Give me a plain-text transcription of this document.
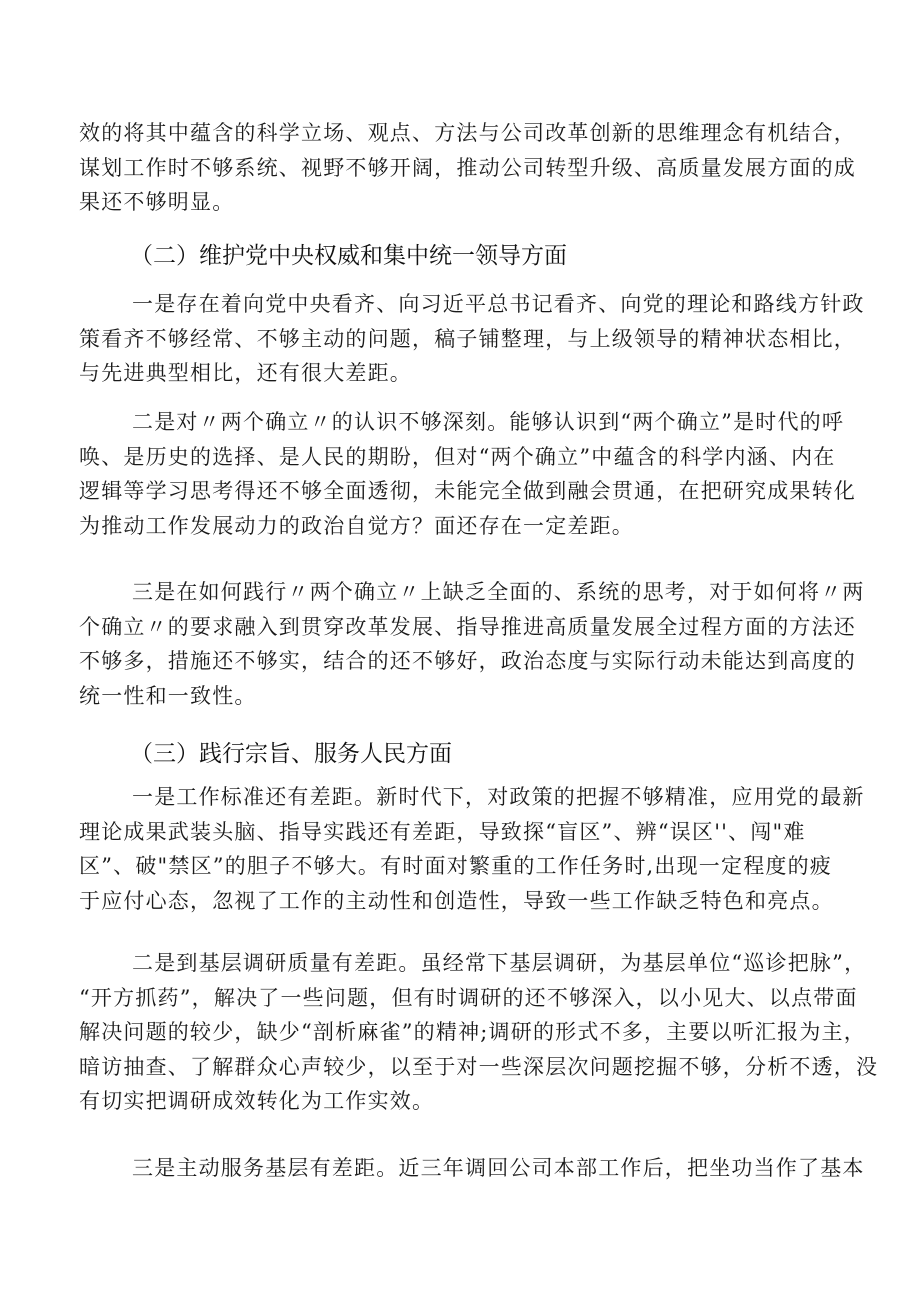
效的将其中蕴含的科学立场、观点、方法与公司改革创新的思维理念有机结合，
谋划工作时不够系统、视野不够开阔，推动公司转型升级、高质量发展方面的成
果还不够明显。
（二）维护党中央权威和集中统一领导方面
一是存在着向党中央看齐、向习近平总书记看齐、向党的理论和路线方针政
策看齐不够经常、不够主动的问题，稿子铺整理，与上级领导的精神状态相比，
与先进典型相比，还有很大差距。
二是对〃两个确立〃的认识不够深刻。能够认识到“两个确立”是时代的呼
唤、是历史的选择、是人民的期盼，但对“两个确立”中蕴含的科学内涵、内在
逻辑等学习思考得还不够全面透彻，未能完全做到融会贯通，在把研究成果转化
为推动工作发展动力的政治自觉方？面还存在一定差距。
三是在如何践行〃两个确立〃上缺乏全面的、系统的思考，对于如何将〃两
个确立〃的要求融入到贯穿改革发展、指导推进高质量发展全过程方面的方法还
不够多，措施还不够实，结合的还不够好，政治态度与实际行动未能达到高度的
统一性和一致性。
（三）践行宗旨、服务人民方面
一是工作标准还有差距。新时代下，对政策的把握不够精准，应用党的最新
理论成果武装头脑、指导实践还有差距，导致探“盲区”、辨“误区''、闯"难
区”、破"禁区”的胆子不够大。有时面对繁重的工作任务时,出现一定程度的疲
于应付心态，忽视了工作的主动性和创造性，导致一些工作缺乏特色和亮点。
二是到基层调研质量有差距。虽经常下基层调研，为基层单位“巡诊把脉”，
“开方抓药”，解决了一些问题，但有时调研的还不够深入，以小见大、以点带面
解决问题的较少，缺少“剖析麻雀”的精神;调研的形式不多，主要以听汇报为主，
暗访抽查、了解群众心声较少，以至于对一些深层次问题挖掘不够，分析不透，没
有切实把调研成效转化为工作实效。
三是主动服务基层有差距。近三年调回公司本部工作后，把坐功当作了基本
